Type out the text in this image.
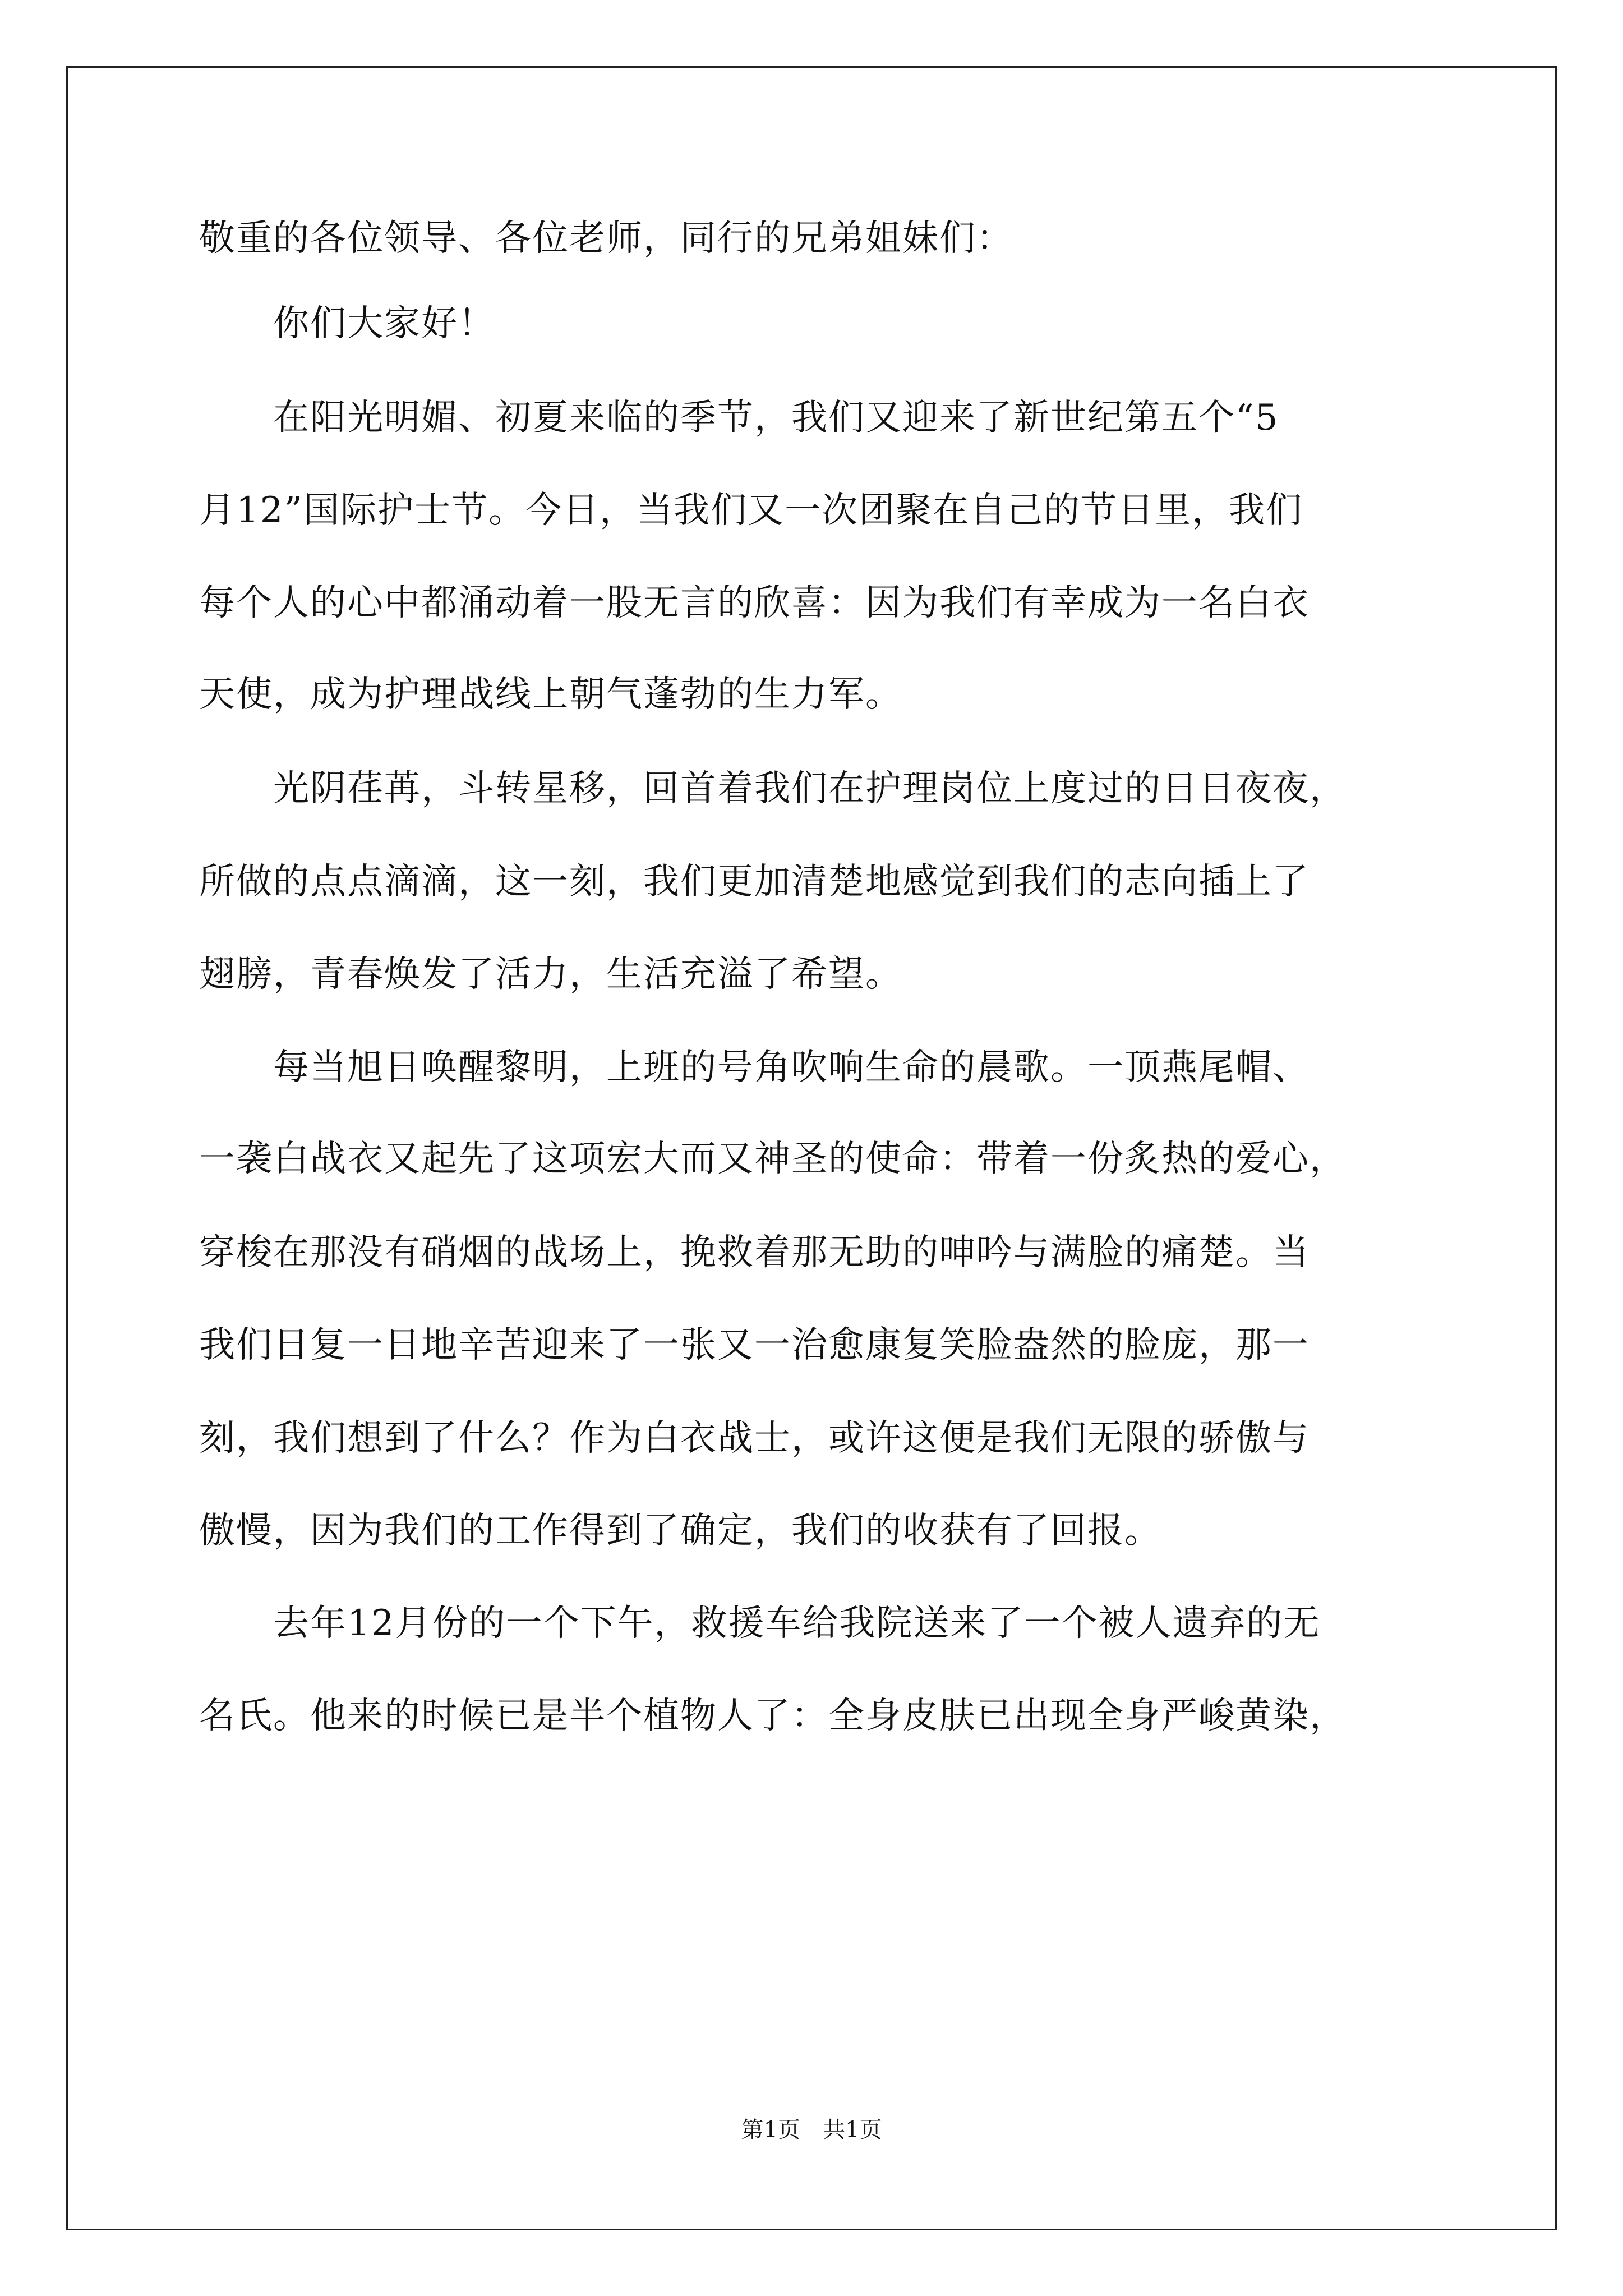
敬重的各位领导、各位老师，同行的兄弟姐妹们：
　　你们大家好！
　　在阳光明媚、初夏来临的季节，我们又迎来了新世纪第五个“5
月12”国际护士节。今日，当我们又一次团聚在自己的节日里，我们
每个人的心中都涌动着一股无言的欣喜：因为我们有幸成为一名白衣
天使，成为护理战线上朝气蓬勃的生力军。
　　光阴荏苒，斗转星移，回首着我们在护理岗位上度过的日日夜夜，
所做的点点滴滴，这一刻，我们更加清楚地感觉到我们的志向插上了
翅膀，青春焕发了活力，生活充溢了希望。
　　每当旭日唤醒黎明，上班的号角吹响生命的晨歌。一顶燕尾帽、
一袭白战衣又起先了这项宏大而又神圣的使命：带着一份炙热的爱心，
穿梭在那没有硝烟的战场上，挽救着那无助的呻吟与满脸的痛楚。当
我们日复一日地辛苦迎来了一张又一治愈康复笑脸盎然的脸庞，那一
刻，我们想到了什么？作为白衣战士，或许这便是我们无限的骄傲与
傲慢，因为我们的工作得到了确定，我们的收获有了回报。
　　去年12月份的一个下午，救援车给我院送来了一个被人遗弃的无
名氏。他来的时候已是半个植物人了：全身皮肤已出现全身严峻黄染，
第1页　共1页
